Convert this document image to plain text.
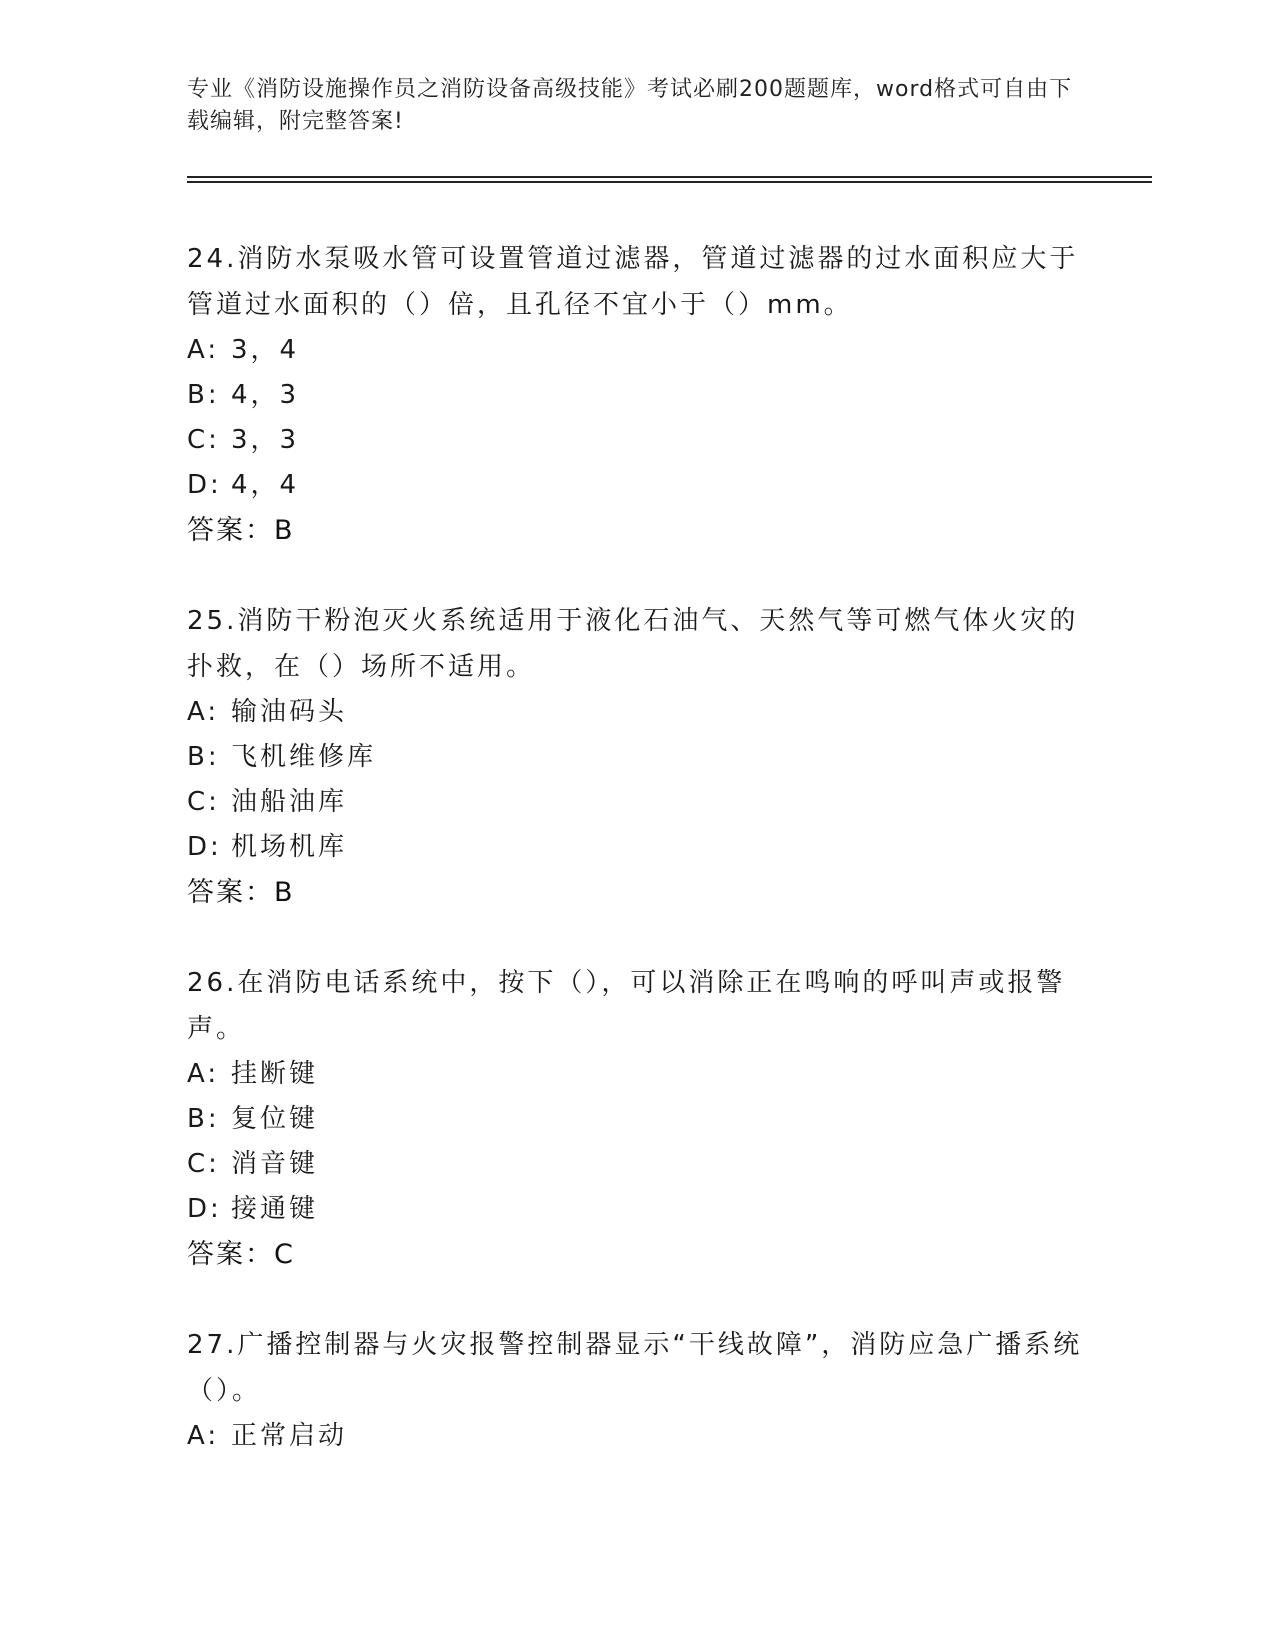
专业《消防设施操作员之消防设备高级技能》考试必刷200题题库，word格式可自由下载编辑，附完整答案!

24.消防水泵吸水管可设置管道过滤器，管道过滤器的过水面积应大于管道过水面积的（）倍，且孔径不宜小于（）mm。

A: 3，4

B: 4，3

C: 3，3

D: 4，4

答案：B

25.消防干粉泡灭火系统适用于液化石油气、天然气等可燃气体火灾的扑救，在（）场所不适用。

A: 输油码头

B: 飞机维修库

C: 油船油库

D: 机场机库

答案：B

26.在消防电话系统中，按下（），可以消除正在鸣响的呼叫声或报警声。

A: 挂断键

B: 复位键

C: 消音键

D: 接通键

答案：C

27.广播控制器与火灾报警控制器显示“干线故障”，消防应急广播系统（）。

A: 正常启动
